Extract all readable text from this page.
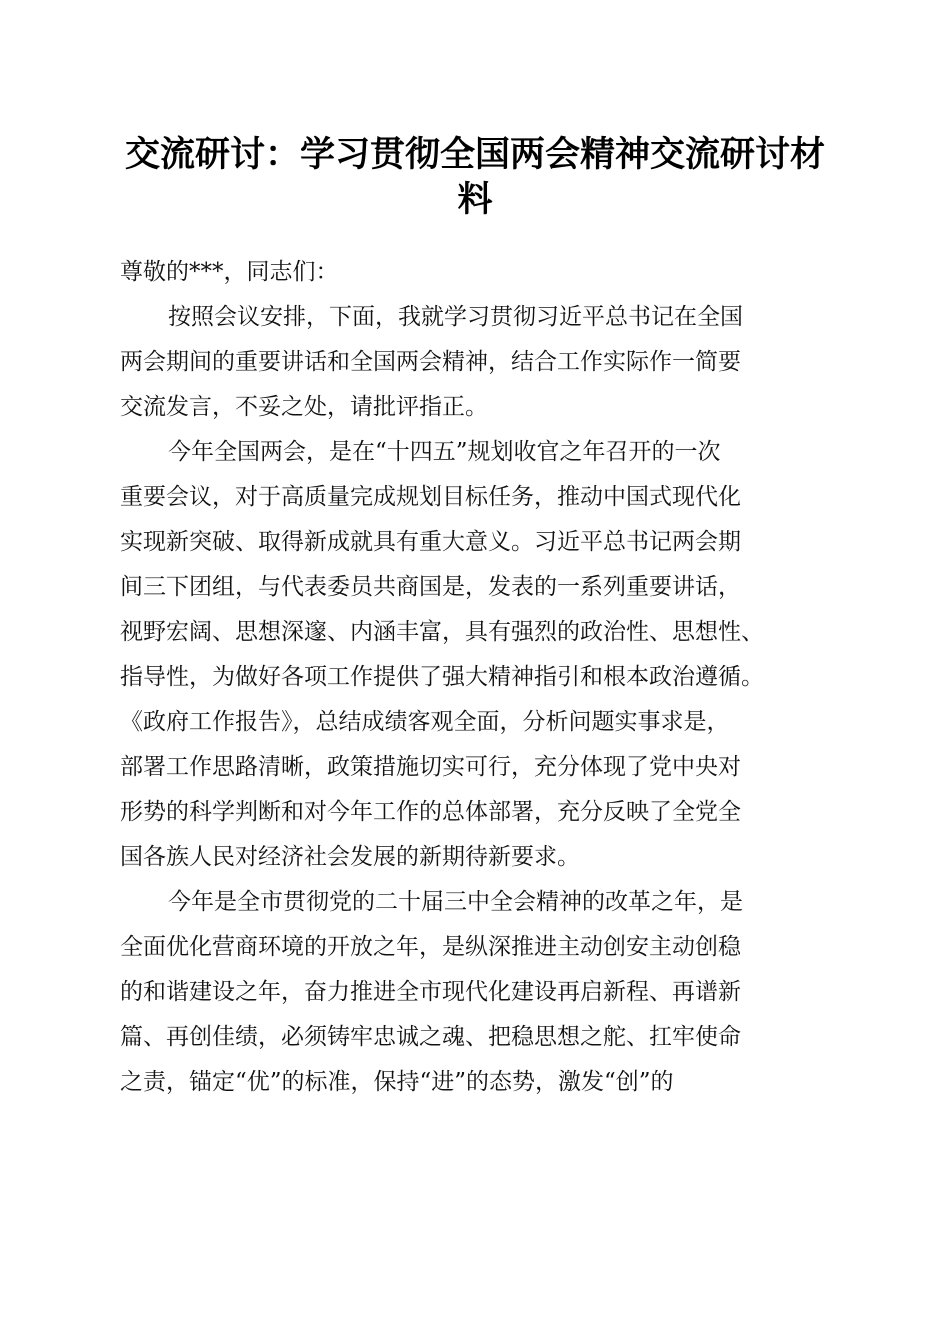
交流研讨：学习贯彻全国两会精神交流研讨材
料
尊敬的***，同志们：
按照会议安排，下面，我就学习贯彻习近平总书记在全国
两会期间的重要讲话和全国两会精神，结合工作实际作一简要
交流发言，不妥之处，请批评指正。
今年全国两会，是在“十四五”规划收官之年召开的一次
重要会议，对于高质量完成规划目标任务，推动中国式现代化
实现新突破、取得新成就具有重大意义。习近平总书记两会期
间三下团组，与代表委员共商国是，发表的一系列重要讲话，
视野宏阔、思想深邃、内涵丰富，具有强烈的政治性、思想性、
指导性，为做好各项工作提供了强大精神指引和根本政治遵循。
《政府工作报告》，总结成绩客观全面，分析问题实事求是，
部署工作思路清晰，政策措施切实可行，充分体现了党中央对
形势的科学判断和对今年工作的总体部署，充分反映了全党全
国各族人民对经济社会发展的新期待新要求。
今年是全市贯彻党的二十届三中全会精神的改革之年，是
全面优化营商环境的开放之年，是纵深推进主动创安主动创稳
的和谐建设之年，奋力推进全市现代化建设再启新程、再谱新
篇、再创佳绩，必须铸牢忠诚之魂、把稳思想之舵、扛牢使命
之责，锚定“优”的标准，保持“进”的态势，激发“创”的
